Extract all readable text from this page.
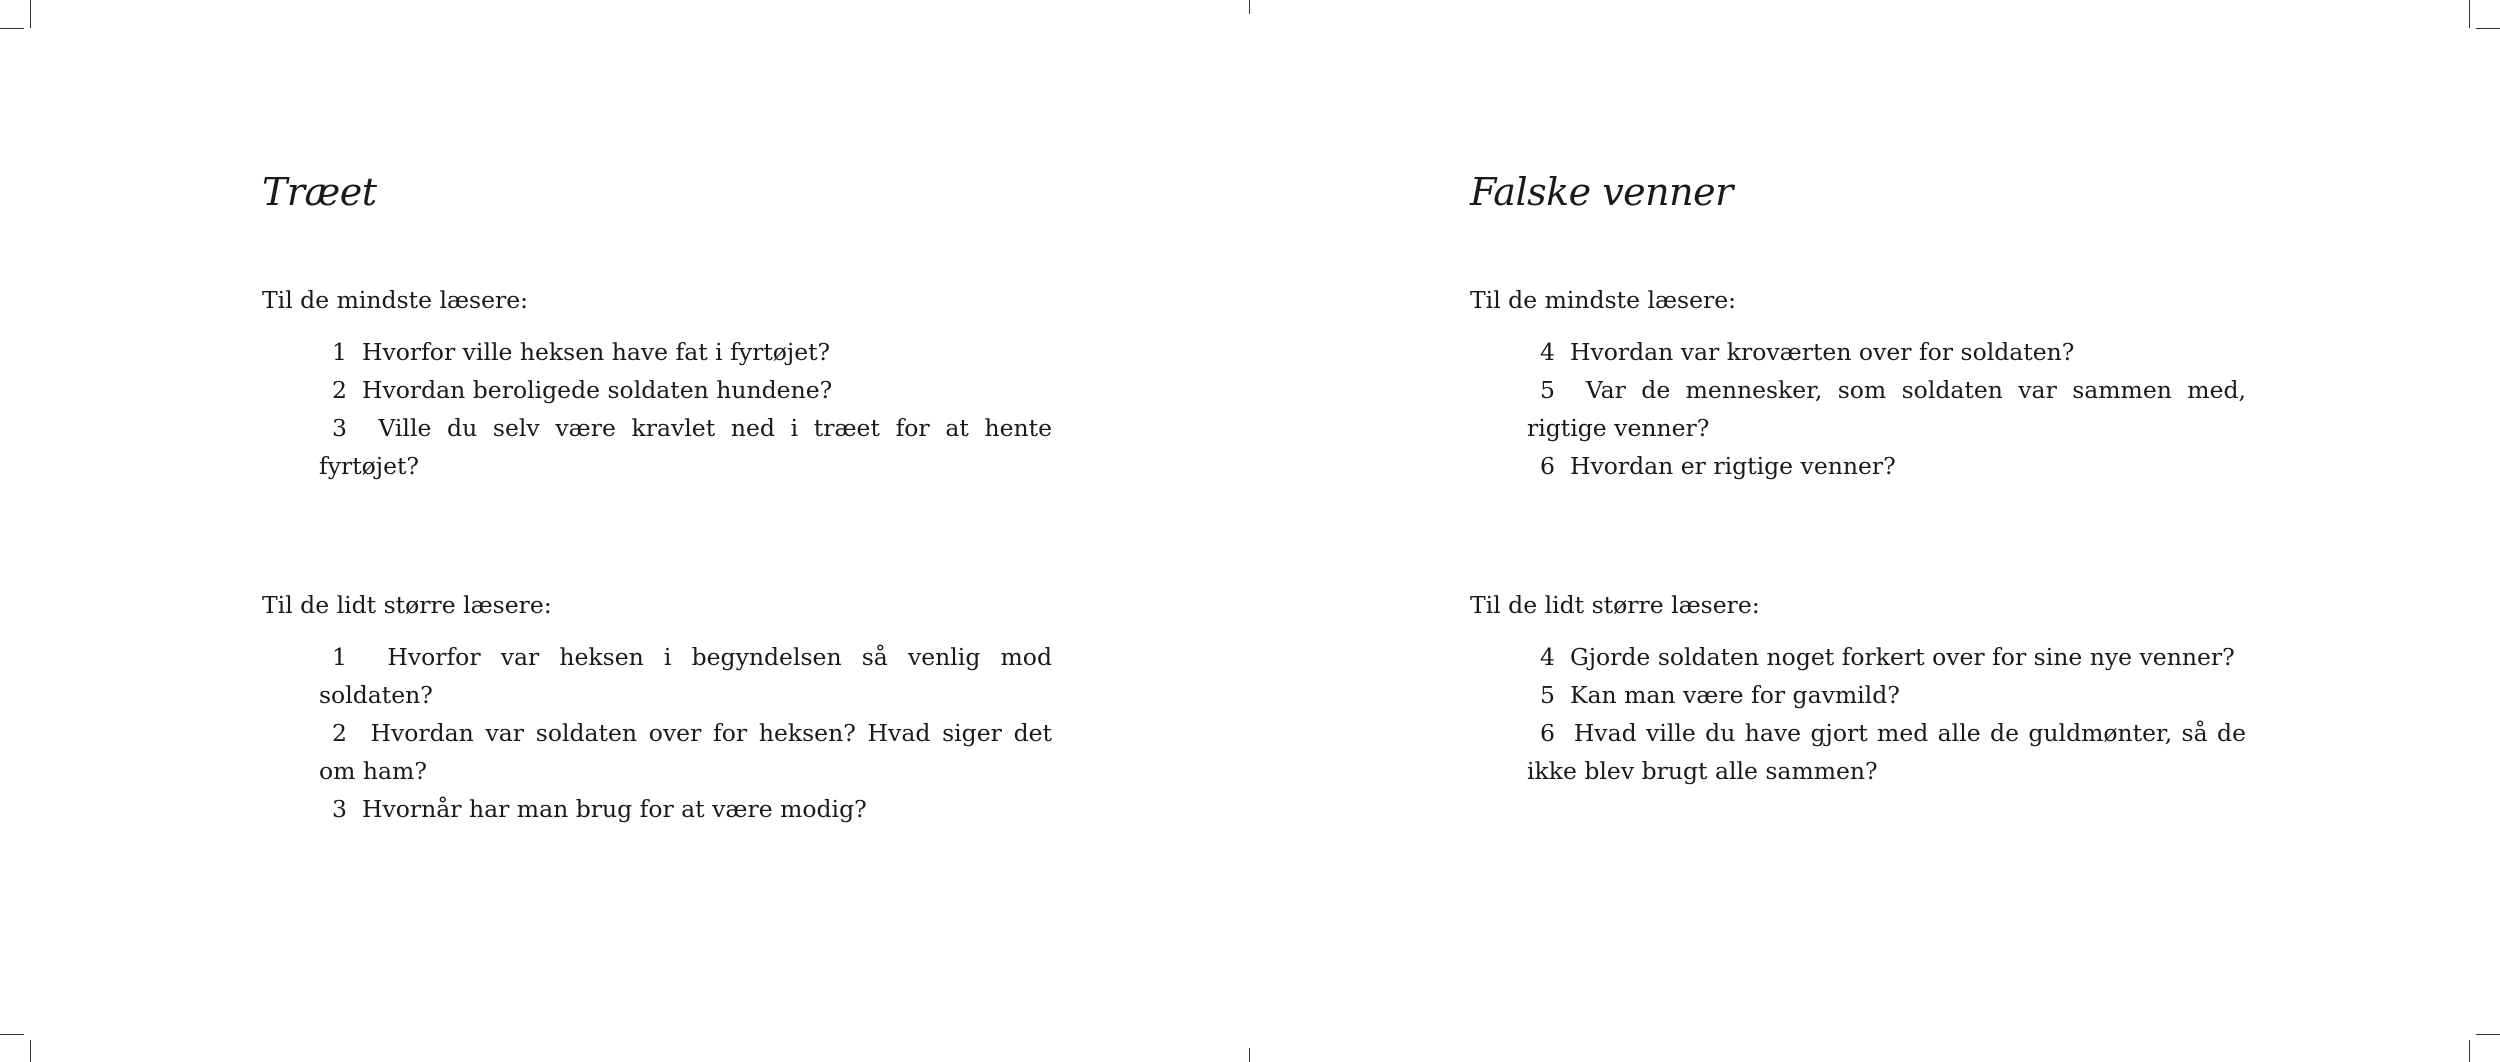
Træet

Til de mindste læsere:

1 Hvorfor ville heksen have fat i fyrtøjet?
2 Hvordan beroligede soldaten hundene?
3 Ville du selv være kravlet ned i træet for at hente fyrtøjet?

Til de lidt større læsere:

1 Hvorfor var heksen i begyndelsen så venlig mod soldaten?
2 Hvordan var soldaten over for heksen? Hvad siger det om ham?
3 Hvornår har man brug for at være modig?
Falske venner

Til de mindste læsere:

4 Hvordan var kroværten over for soldaten?
5 Var de mennesker, som soldaten var sammen med, rigtige venner?
6 Hvordan er rigtige venner?

Til de lidt større læsere:

4 Gjorde soldaten noget forkert over for sine nye venner?
5 Kan man være for gavmild?
6 Hvad ville du have gjort med alle de guldmønter, så de ikke blev brugt alle sammen?
